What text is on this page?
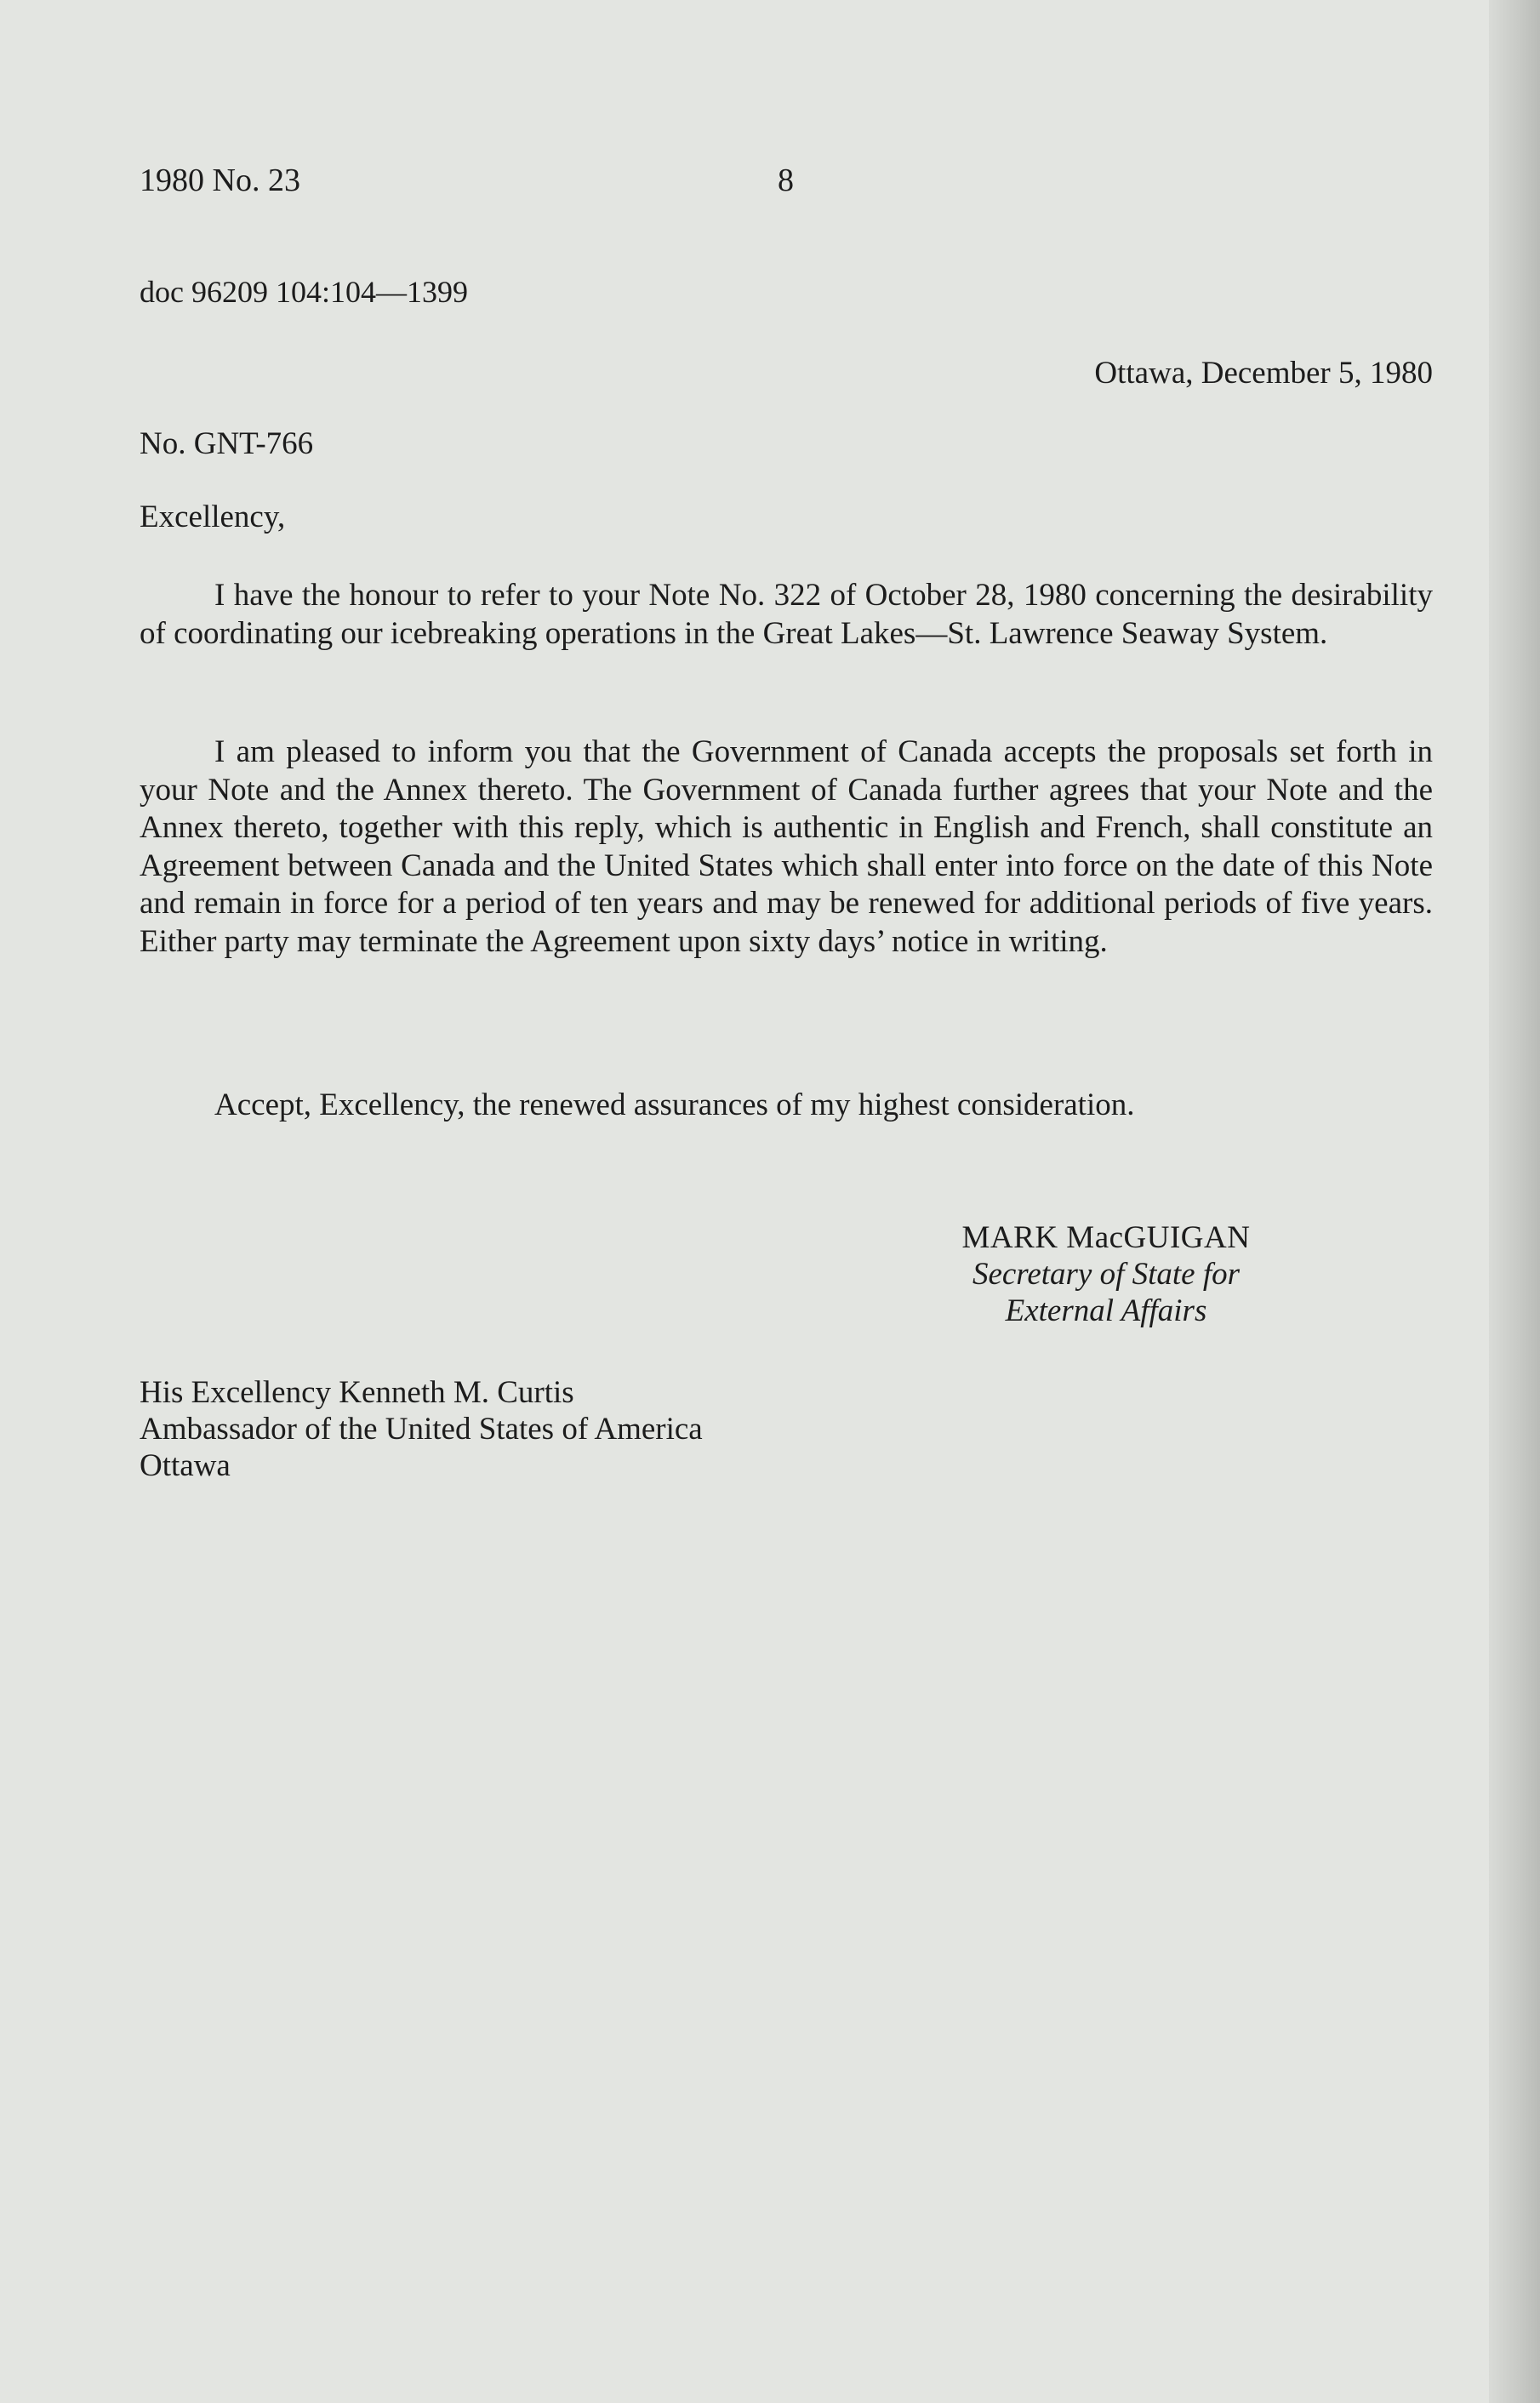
1980 No. 23	8
doc 96209 104:104—1399
Ottawa, December 5, 1980
No. GNT-766
Excellency,

I have the honour to refer to your Note No. 322 of October 28, 1980 concerning the desirability of coordinating our icebreaking operations in the Great Lakes—St. Lawrence Seaway System.

I am pleased to inform you that the Government of Canada accepts the proposals set forth in your Note and the Annex thereto. The Government of Canada further agrees that your Note and the Annex thereto, together with this reply, which is authentic in English and French, shall constitute an Agreement between Canada and the United States which shall enter into force on the date of this Note and remain in force for a period of ten years and may be renewed for additional periods of five years. Either party may terminate the Agreement upon sixty days’ notice in writing.

Accept, Excellency, the renewed assurances of my highest consideration.
MARK MacGUIGAN
Secretary of State for
External Affairs
His Excellency Kenneth M. Curtis
Ambassador of the United States of America
Ottawa
